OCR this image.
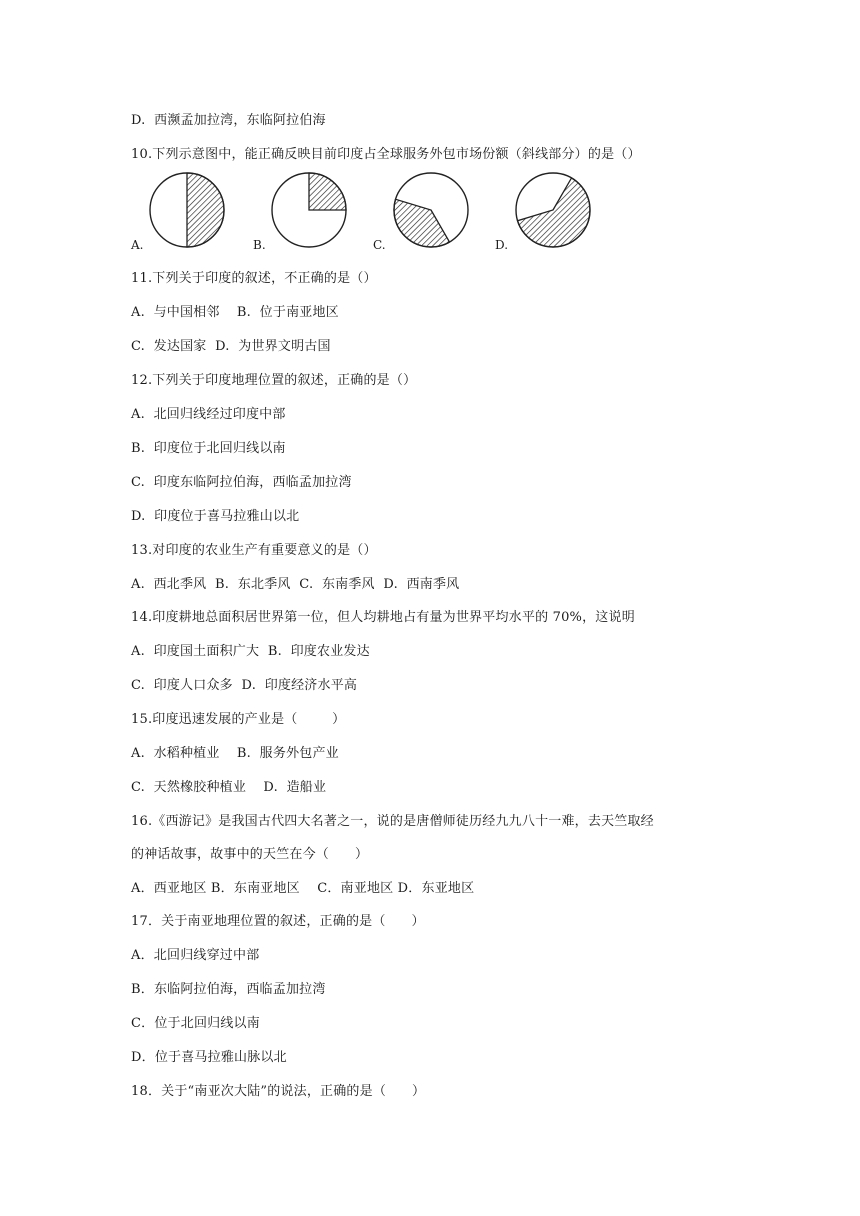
D.  西濒孟加拉湾，东临阿拉伯海
10.下列示意图中，能正确反映目前印度占全球服务外包市场份额（斜线部分）的是（）
A.	B.	C.	D.
11.下列关于印度的叙述，不正确的是（）
A.  与中国相邻    B.  位于南亚地区
C.  发达国家  D.  为世界文明古国
12.下列关于印度地理位置的叙述，正确的是（）
A.  北回归线经过印度中部
B.  印度位于北回归线以南
C.  印度东临阿拉伯海，西临孟加拉湾
D.  印度位于喜马拉雅山以北
13.对印度的农业生产有重要意义的是（）
A.  西北季风  B.  东北季风  C.  东南季风  D.  西南季风
14.印度耕地总面积居世界第一位，但人均耕地占有量为世界平均水平的 70%，这说明
A.  印度国土面积广大  B.  印度农业发达
C.  印度人口众多  D.  印度经济水平高
15.印度迅速发展的产业是（        ）
A.  水稻种植业    B.  服务外包产业
C.  天然橡胶种植业    D.  造船业
16.《西游记》是我国古代四大名著之一，说的是唐僧师徒历经九九八十一难，去天竺取经
的神话故事，故事中的天竺在今（      ）
A．西亚地区 B．东南亚地区    C．南亚地区 D．东亚地区
17．关于南亚地理位置的叙述，正确的是（      ）
A．北回归线穿过中部
B．东临阿拉伯海，西临孟加拉湾
C．位于北回归线以南
D．位于喜马拉雅山脉以北
18．关于“南亚次大陆”的说法，正确的是（      ）
